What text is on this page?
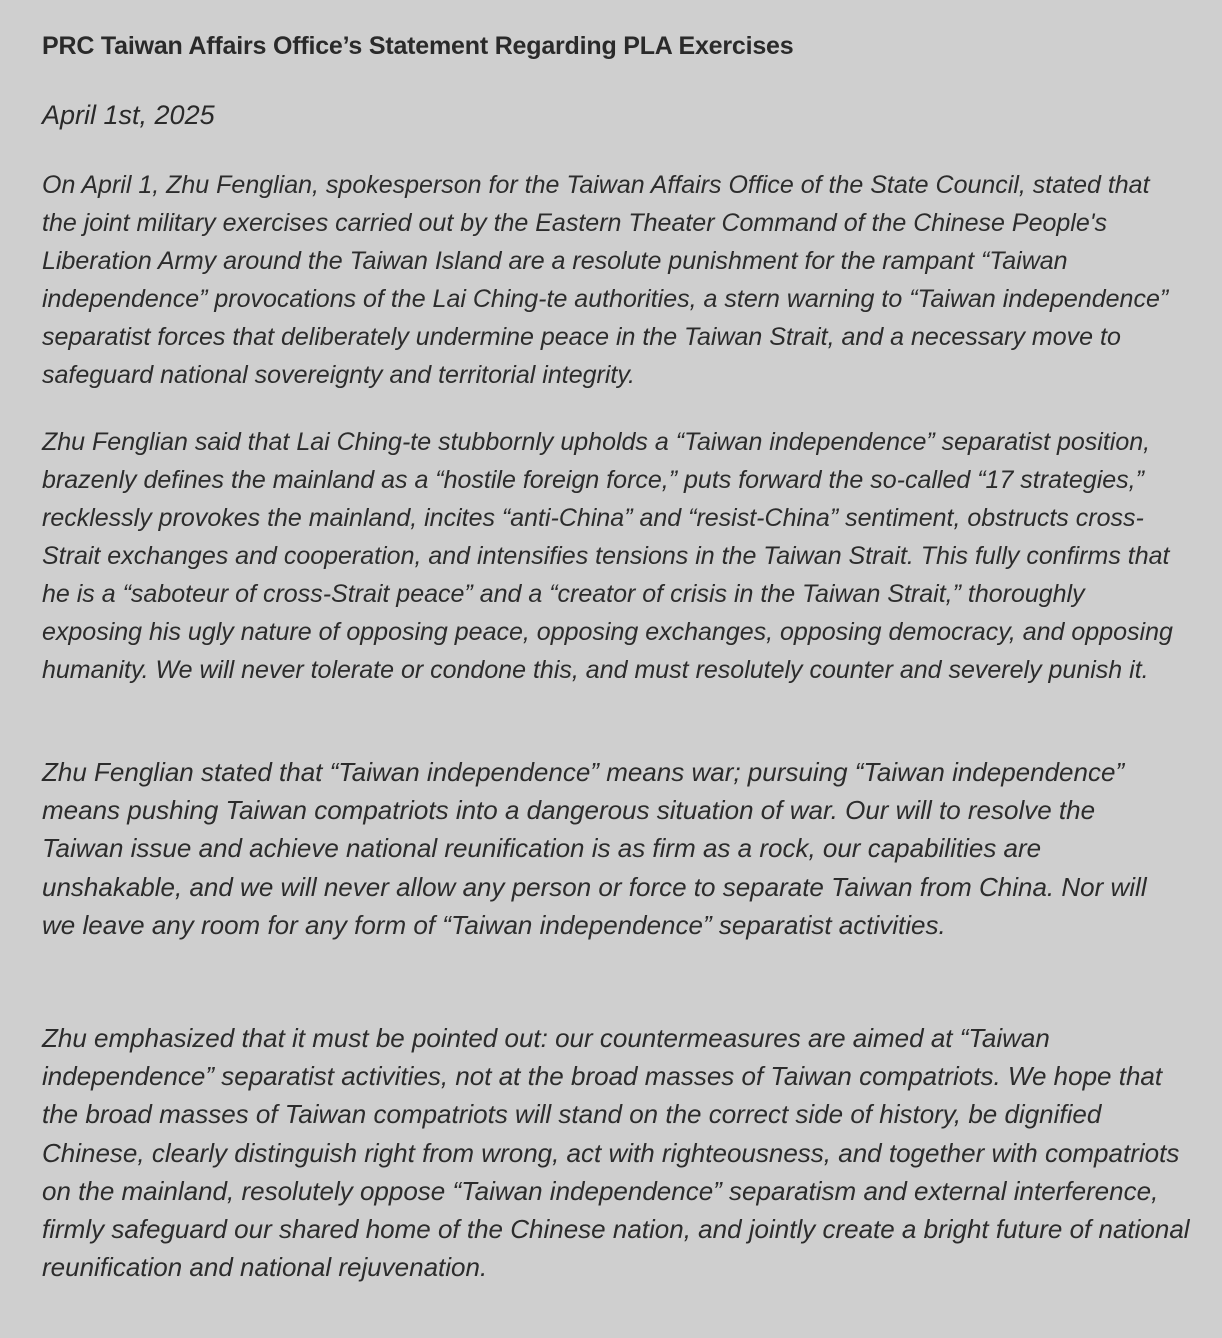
PRC Taiwan Affairs Office’s Statement Regarding PLA Exercises

April 1st, 2025

On April 1, Zhu Fenglian, spokesperson for the Taiwan Affairs Office of the State Council, stated that the joint military exercises carried out by the Eastern Theater Command of the Chinese People's Liberation Army around the Taiwan Island are a resolute punishment for the rampant “Taiwan independence” provocations of the Lai Ching-te authorities, a stern warning to “Taiwan independence” separatist forces that deliberately undermine peace in the Taiwan Strait, and a necessary move to safeguard national sovereignty and territorial integrity.

Zhu Fenglian said that Lai Ching-te stubbornly upholds a “Taiwan independence” separatist position, brazenly defines the mainland as a “hostile foreign force,” puts forward the so-called “17 strategies,” recklessly provokes the mainland, incites “anti-China” and “resist-China” sentiment, obstructs cross-Strait exchanges and cooperation, and intensifies tensions in the Taiwan Strait. This fully confirms that he is a “saboteur of cross-Strait peace” and a “creator of crisis in the Taiwan Strait,” thoroughly exposing his ugly nature of opposing peace, opposing exchanges, opposing democracy, and opposing humanity. We will never tolerate or condone this, and must resolutely counter and severely punish it.

Zhu Fenglian stated that “Taiwan independence” means war; pursuing “Taiwan independence” means pushing Taiwan compatriots into a dangerous situation of war. Our will to resolve the Taiwan issue and achieve national reunification is as firm as a rock, our capabilities are unshakable, and we will never allow any person or force to separate Taiwan from China. Nor will we leave any room for any form of “Taiwan independence” separatist activities.

Zhu emphasized that it must be pointed out: our countermeasures are aimed at “Taiwan independence” separatist activities, not at the broad masses of Taiwan compatriots. We hope that the broad masses of Taiwan compatriots will stand on the correct side of history, be dignified Chinese, clearly distinguish right from wrong, act with righteousness, and together with compatriots on the mainland, resolutely oppose “Taiwan independence” separatism and external interference, firmly safeguard our shared home of the Chinese nation, and jointly create a bright future of national reunification and national rejuvenation.
